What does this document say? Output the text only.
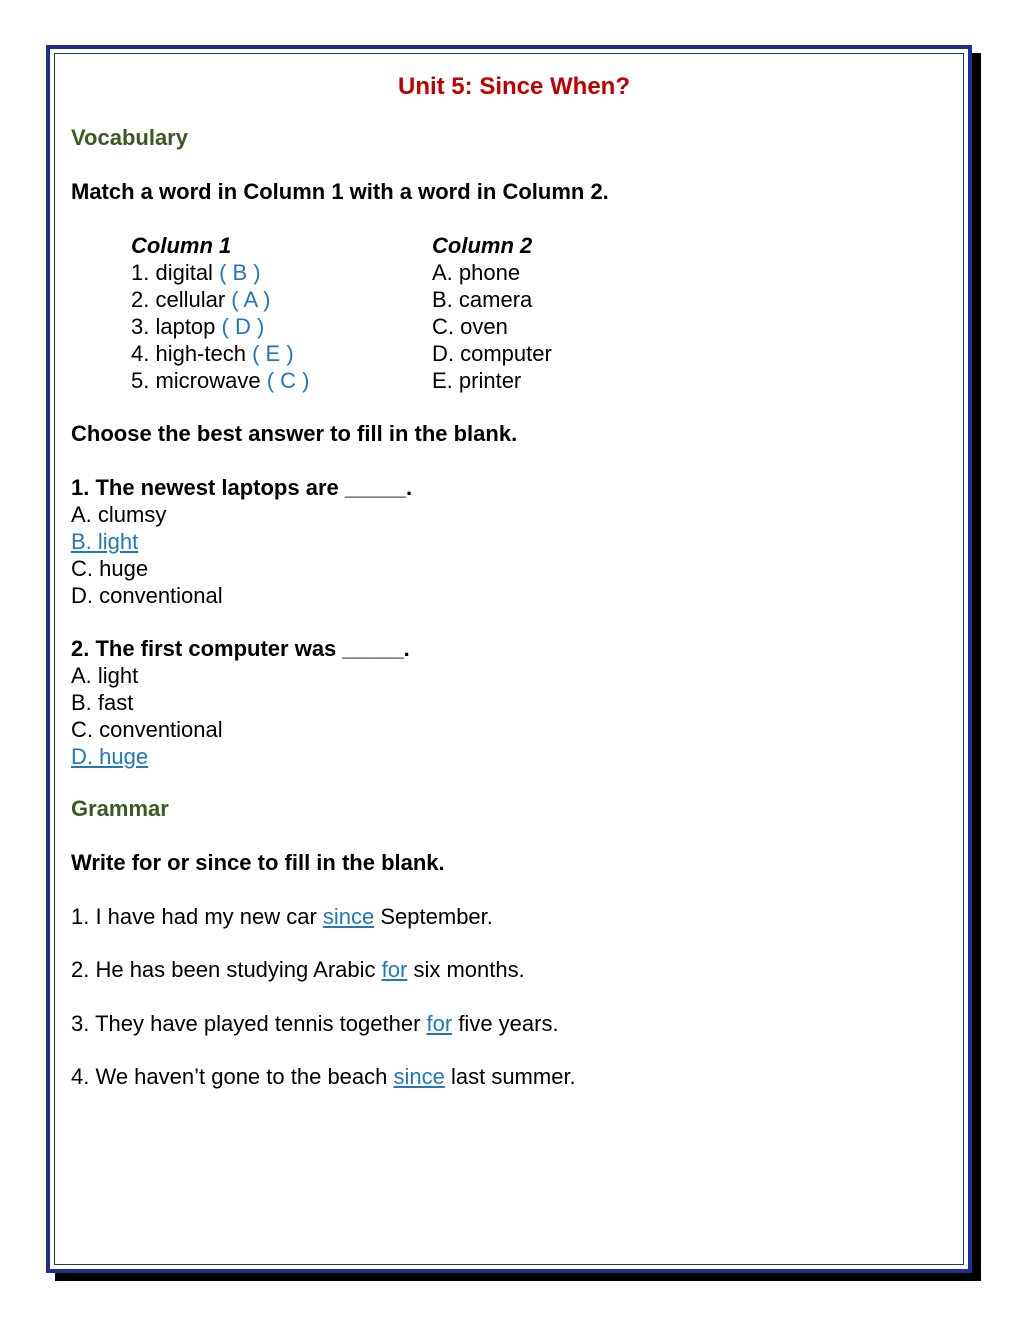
Unit 5: Since When?
Vocabulary
Match a word in Column 1 with a word in Column 2.
Column 1
1. digital ( B )
2. cellular ( A )
3. laptop ( D )
4. high-tech ( E )
5. microwave ( C )
Column 2
A. phone
B. camera
C. oven
D. computer
E. printer
Choose the best answer to fill in the blank.
1. The newest laptops are _____.
A. clumsy
B. light
C. huge
D. conventional
2. The first computer was _____.
A. light
B. fast
C. conventional
D. huge
Grammar
Write for or since to fill in the blank.
1. I have had my new car since September.
2. He has been studying Arabic for six months.
3. They have played tennis together for five years.
4. We haven’t gone to the beach since last summer.
